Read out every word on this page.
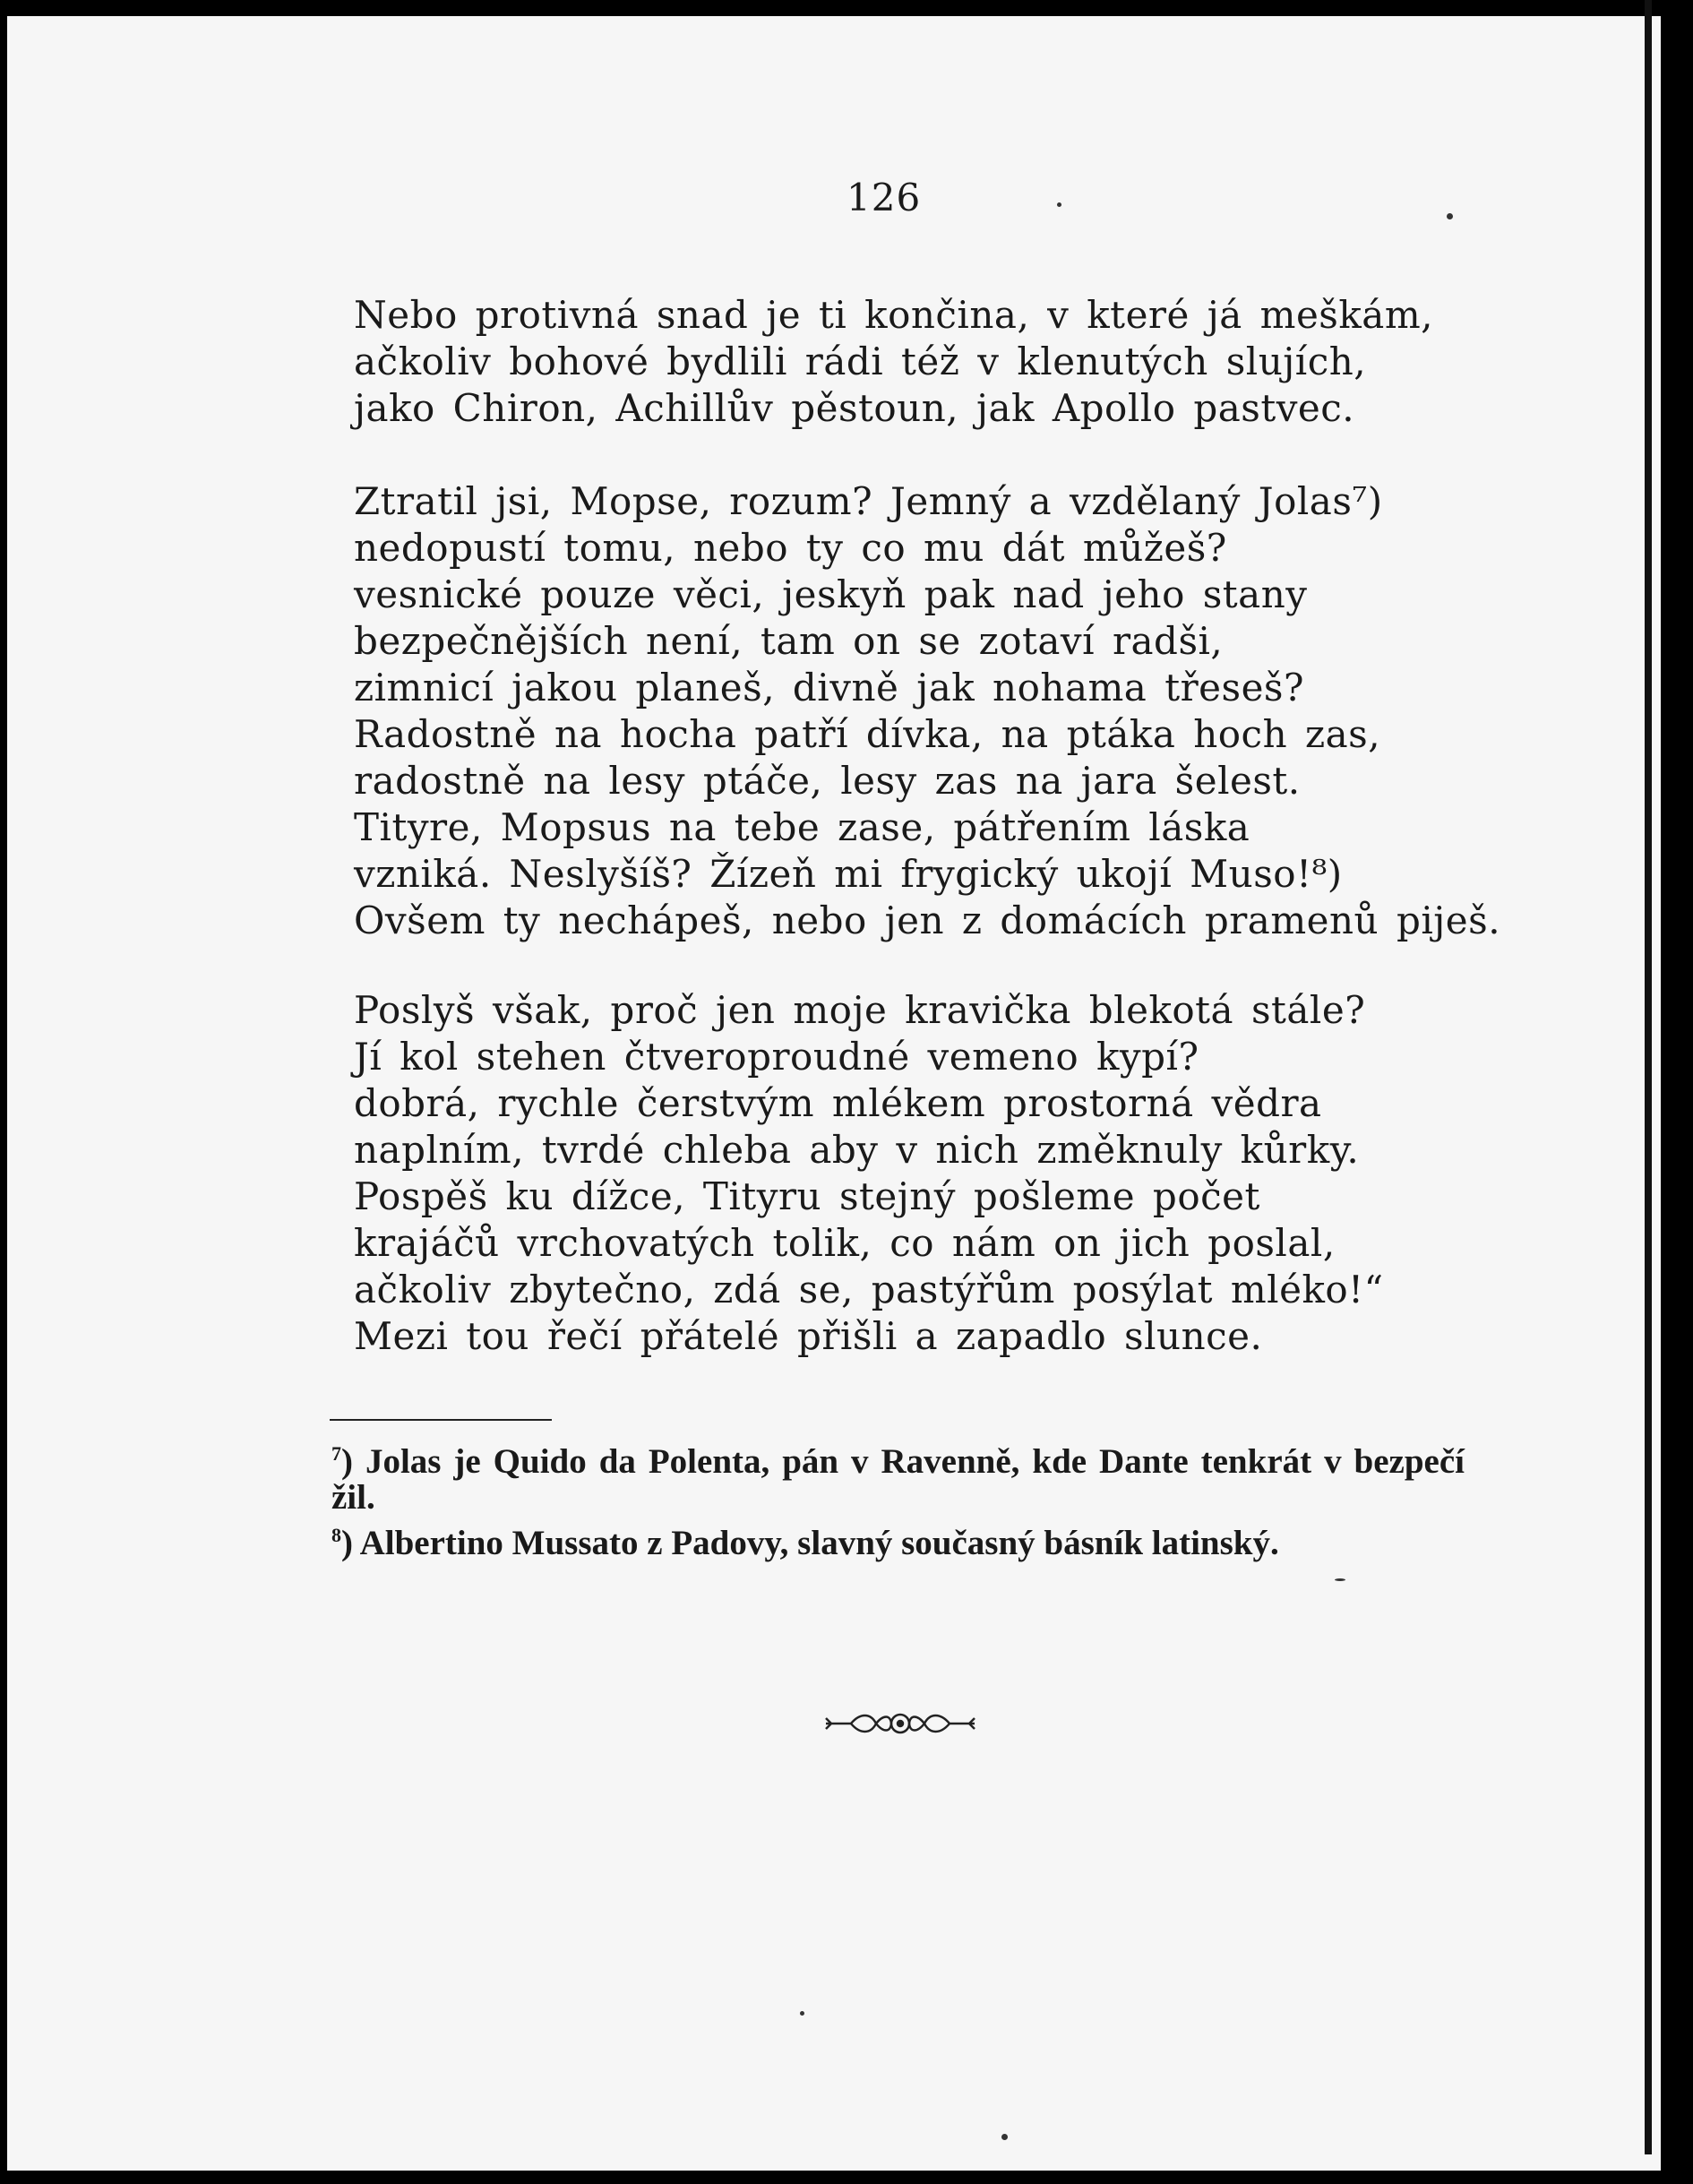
126
Nebo protivná snad je ti končina, v které já meškám,
ačkoliv bohové bydlili rádi též v klenutých slujích,
jako Chiron, Achillův pěstoun, jak Apollo pastvec.
Ztratil jsi, Mopse, rozum? Jemný a vzdělaný Jolas⁷)
nedopustí tomu, nebo ty co mu dát můžeš?
vesnické pouze věci, jeskyň pak nad jeho stany
bezpečnějších není, tam on se zotaví radši,
zimnicí jakou planeš, divně jak nohama třeseš?
Radostně na hocha patří dívka, na ptáka hoch zas,
radostně na lesy ptáče, lesy zas na jara šelest.
Tityre, Mopsus na tebe zase, pátřením láska
vzniká. Neslyšíš? Žízeň mi frygický ukojí Muso!⁸)
Ovšem ty nechápeš, nebo jen z domácích pramenů piješ.
Poslyš však, proč jen moje kravička blekotá stále?
Jí kol stehen čtveroproudné vemeno kypí?
dobrá, rychle čerstvým mlékem prostorná vědra
naplním, tvrdé chleba aby v nich změknuly kůrky.
Pospěš ku dížce, Tityru stejný pošleme počet
krajáčů vrchovatých tolik, co nám on jich poslal,
ačkoliv zbytečno, zdá se, pastýřům posýlat mléko!“
Mezi tou řečí přátelé přišli a zapadlo slunce.

$^7$) Jolas je Quido da Polenta, pán v Ravenně, kde Dante tenkrát v bezpečí žil.

$^8$) Albertino Mussato z Padovy, slavný současný básník latinský.
